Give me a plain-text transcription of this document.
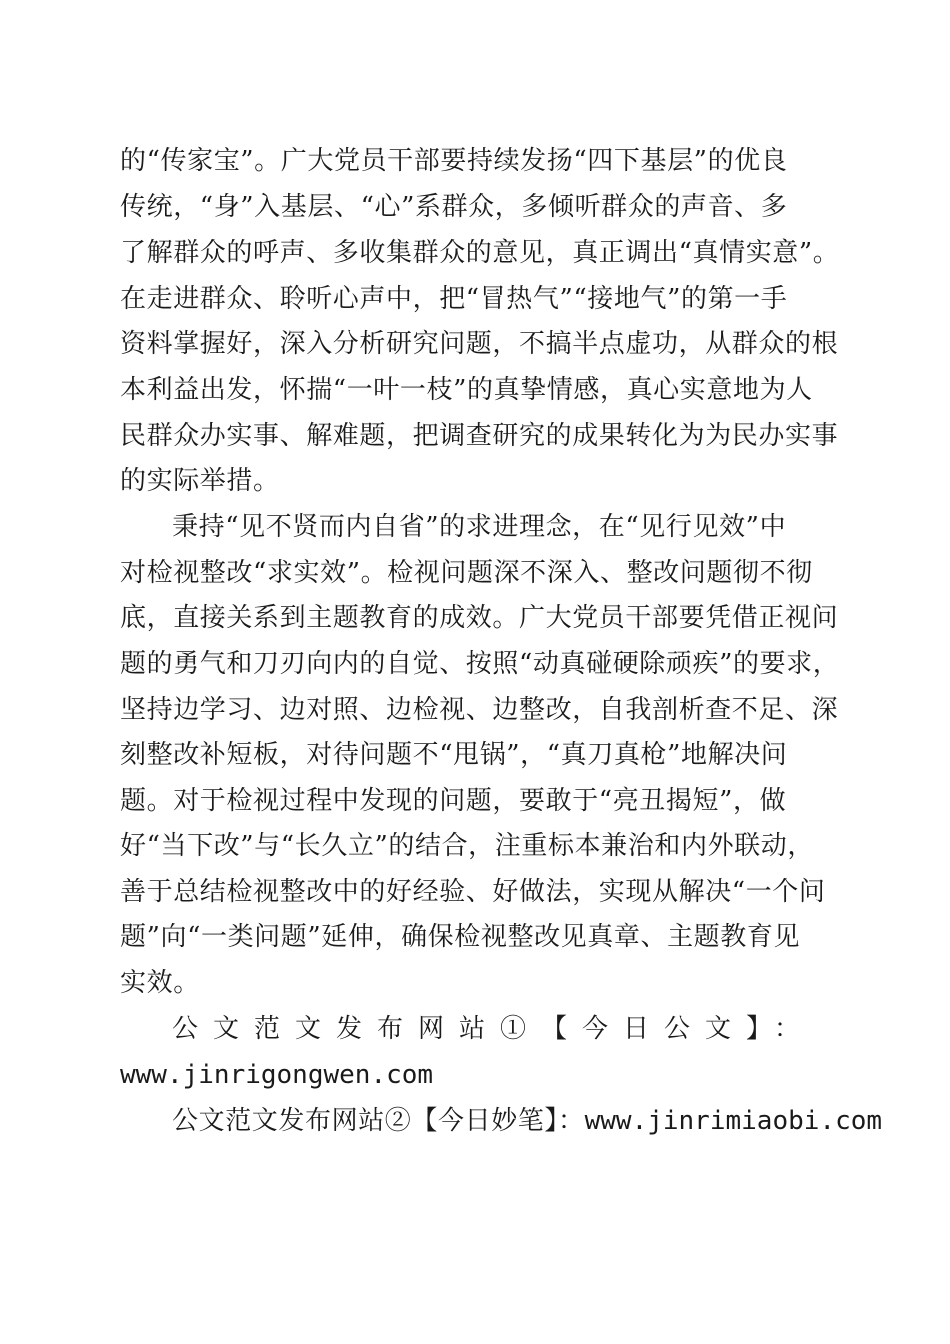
的“传家宝”。广大党员干部要持续发扬“四下基层”的优良
传统，“身”入基层、“心”系群众，多倾听群众的声音、多
了解群众的呼声、多收集群众的意见，真正调出“真情实意”。
在走进群众、聆听心声中，把“冒热气”“接地气”的第一手
资料掌握好，深入分析研究问题，不搞半点虚功，从群众的根
本利益出发，怀揣“一叶一枝”的真挚情感，真心实意地为人
民群众办实事、解难题，把调查研究的成果转化为为民办实事
的实际举措。
秉持“见不贤而内自省”的求进理念，在“见行见效”中
对检视整改“求实效”。检视问题深不深入、整改问题彻不彻
底，直接关系到主题教育的成效。广大党员干部要凭借正视问
题的勇气和刀刃向内的自觉、按照“动真碰硬除顽疾”的要求，
坚持边学习、边对照、边检视、边整改，自我剖析查不足、深
刻整改补短板，对待问题不“甩锅”，“真刀真枪”地解决问
题。对于检视过程中发现的问题，要敢于“亮丑揭短”，做
好“当下改”与“长久立”的结合，注重标本兼治和内外联动，
善于总结检视整改中的好经验、好做法，实现从解决“一个问
题”向“一类问题”延伸，确保检视整改见真章、主题教育见
实效。
公文范文发布网站①【今日公文】：
www.jinrigongwen.com
公文范文发布网站②【今日妙笔】：www.jinrimiaobi.com
